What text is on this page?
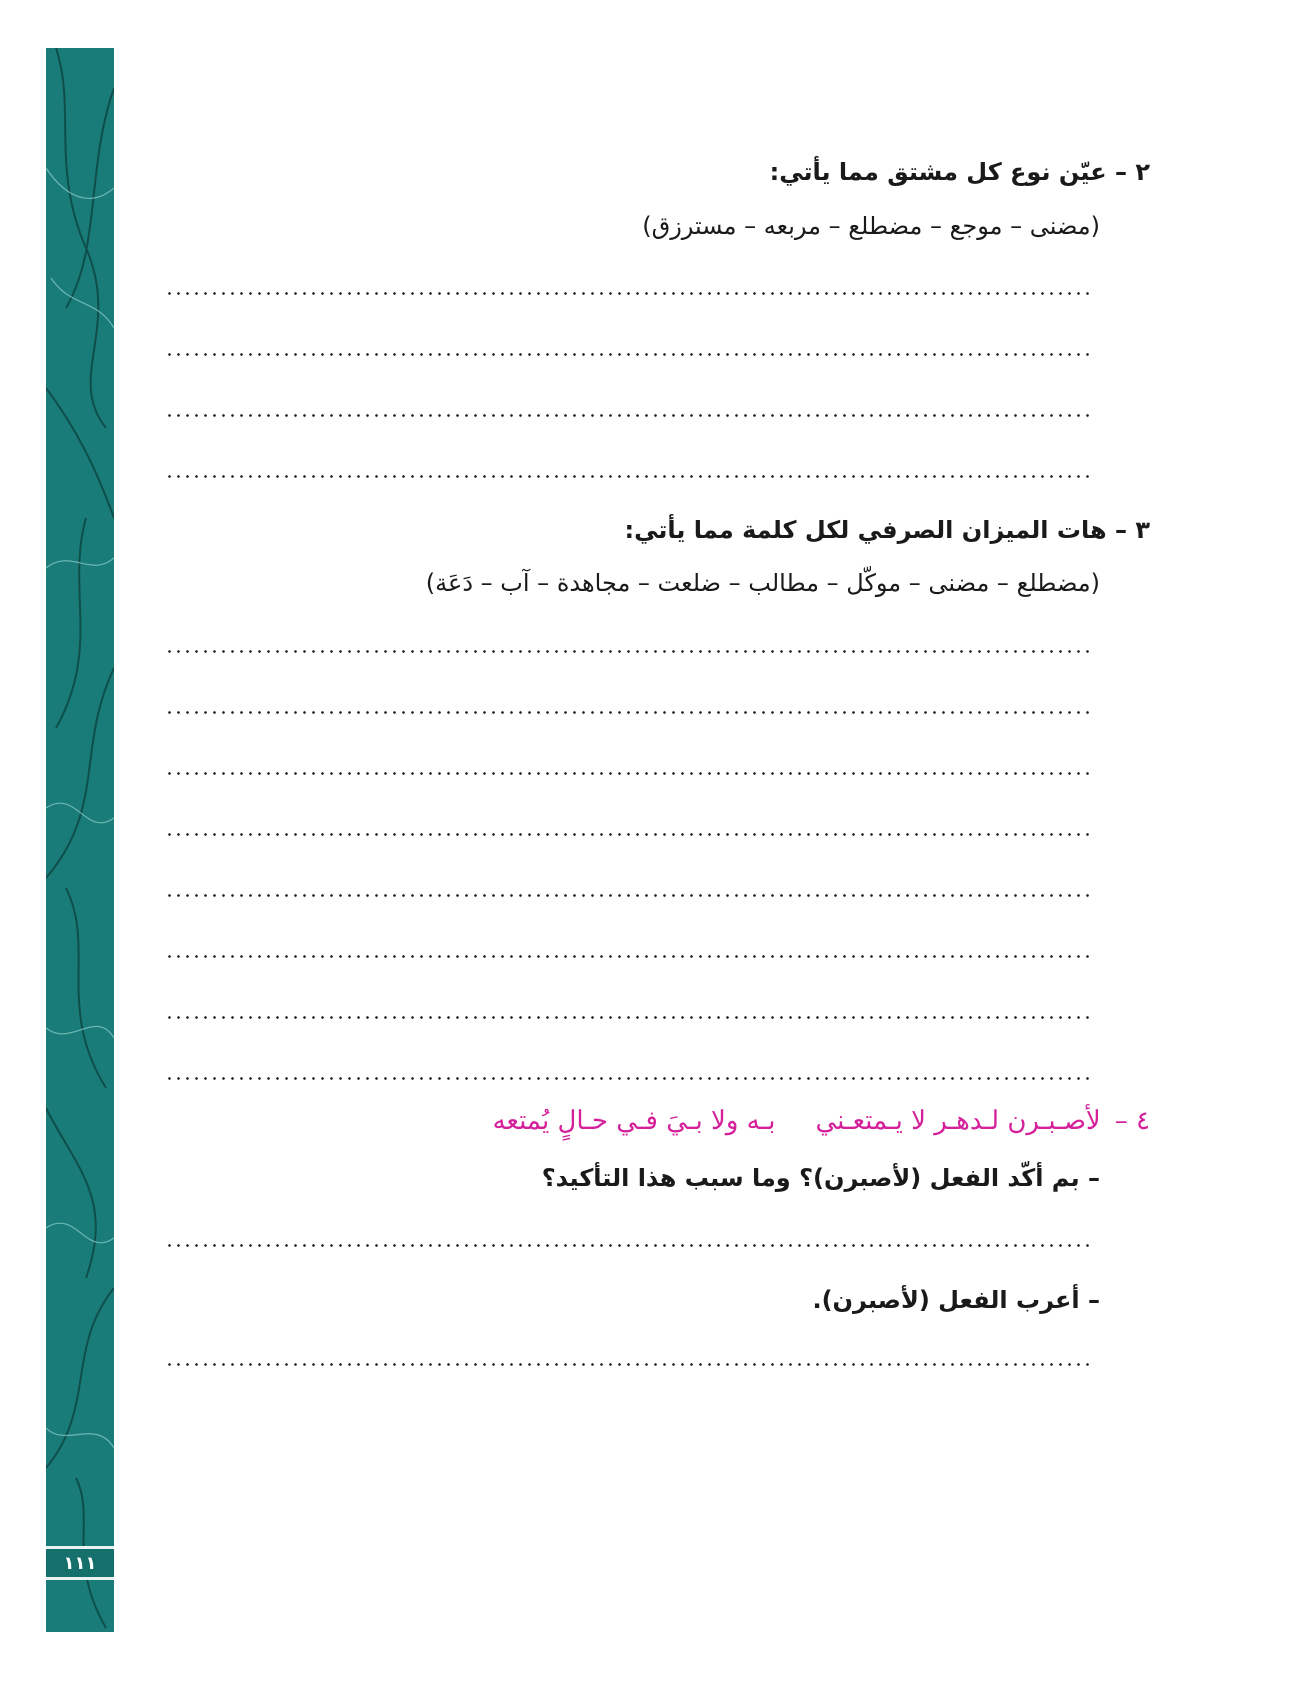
١١١
٢ – عيّن نوع كل مشتق مما يأتي:
(مضنى – موجع – مضطلع – مربعه – مسترزق)
٣ – هات الميزان الصرفي لكل كلمة مما يأتي:
(مضطلع – مضنى – موكّل – مطالب – ضلعت – مجاهدة – آب – دَعَة)
٤ –لأصـبـرن لـدهـر لا يـمتعـنيبـه ولا بـيَ فـي حـالٍ يُمتعه
– بم أكّد الفعل (لأصبرن)؟ وما سبب هذا التأكيد؟
– أعرب الفعل (لأصبرن).
